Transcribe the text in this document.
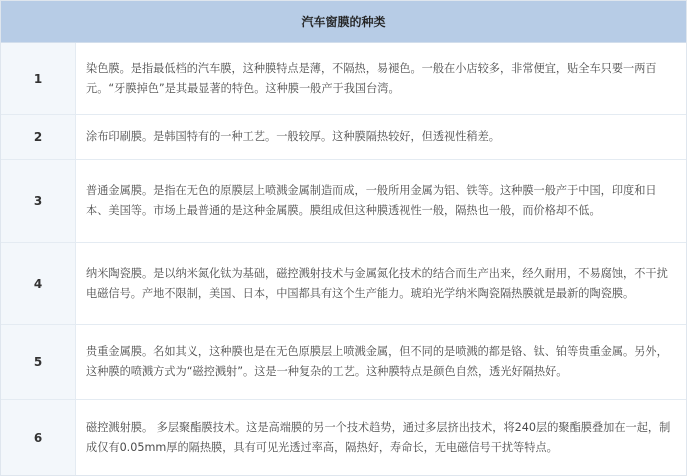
汽车窗膜的种类
1
染色膜。是指最低档的汽车膜，这种膜特点是薄，不隔热，易褪色。一般在小店较多，非常便宜，贴全车只要一两百元。“牙膜掉色”是其最显著的特色。这种膜一般产于我国台湾。
2	涂布印刷膜。是韩国特有的一种工艺。一般较厚。这种膜隔热较好，但透视性稍差。
3
普通金属膜。是指在无色的原膜层上喷溅金属制造而成，一般所用金属为铝、铁等。这种膜一般产于中国，印度和日本、美国等。市场上最普通的是这种金属膜。膜组成但这种膜透视性一般，隔热也一般，而价格却不低。
4
纳米陶瓷膜。是以纳米氮化钛为基础，磁控溅射技术与金属氮化技术的结合而生产出来，经久耐用，不易腐蚀，不干扰电磁信号。产地不限制，美国、日本，中国都具有这个生产能力。琥珀光学纳米陶瓷隔热膜就是最新的陶瓷膜。
5
贵重金属膜。名如其义，这种膜也是在无色原膜层上喷溅金属，但不同的是喷溅的都是铬、钛、铂等贵重金属。另外，这种膜的喷溅方式为“磁控溅射”。这是一种复杂的工艺。这种膜特点是颜色自然，透光好隔热好。
6
磁控溅射膜。 多层聚酯膜技术。这是高端膜的另一个技术趋势，通过多层挤出技术，将240层的聚酯膜叠加在一起，制成仅有0.05mm厚的隔热膜，具有可见光透过率高，隔热好，寿命长，无电磁信号干扰等特点。
